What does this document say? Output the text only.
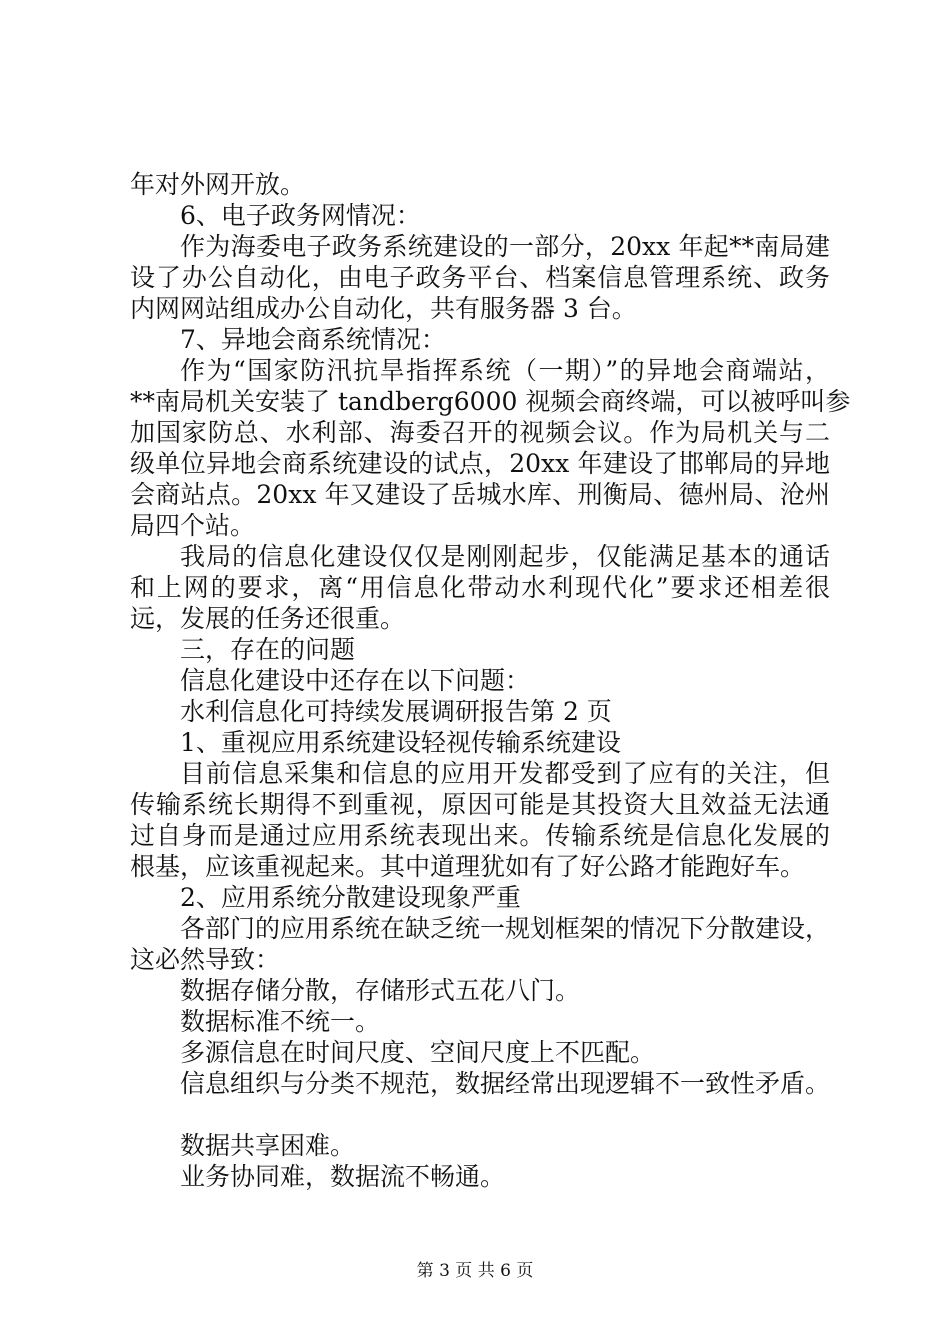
年对外网开放。

6、电子政务网情况：

作为海委电子政务系统建设的一部分，20xx 年起**南局建

设了办公自动化，由电子政务平台、档案信息管理系统、政务

内网网站组成办公自动化，共有服务器 3 台。

7、异地会商系统情况：

作为“国家防汛抗旱指挥系统（一期）”的异地会商端站，

**南局机关安装了 tandberg6000 视频会商终端，可以被呼叫参

加国家防总、水利部、海委召开的视频会议。作为局机关与二

级单位异地会商系统建设的试点，20xx 年建设了邯郸局的异地

会商站点。20xx 年又建设了岳城水库、刑衡局、德州局、沧州

局四个站。

我局的信息化建设仅仅是刚刚起步，仅能满足基本的通话

和上网的要求，离“用信息化带动水利现代化”要求还相差很

远，发展的任务还很重。

三，存在的问题

信息化建设中还存在以下问题：

水利信息化可持续发展调研报告第 2 页

1、重视应用系统建设轻视传输系统建设

目前信息采集和信息的应用开发都受到了应有的关注，但

传输系统长期得不到重视，原因可能是其投资大且效益无法通

过自身而是通过应用系统表现出来。传输系统是信息化发展的

根基，应该重视起来。其中道理犹如有了好公路才能跑好车。

2、应用系统分散建设现象严重

各部门的应用系统在缺乏统一规划框架的情况下分散建设，

这必然导致：

数据存储分散，存储形式五花八门。

数据标准不统一。

多源信息在时间尺度、空间尺度上不匹配。

信息组织与分类不规范，数据经常出现逻辑不一致性矛盾。

数据共享困难。

业务协同难，数据流不畅通。

第 3 页 共 6 页
